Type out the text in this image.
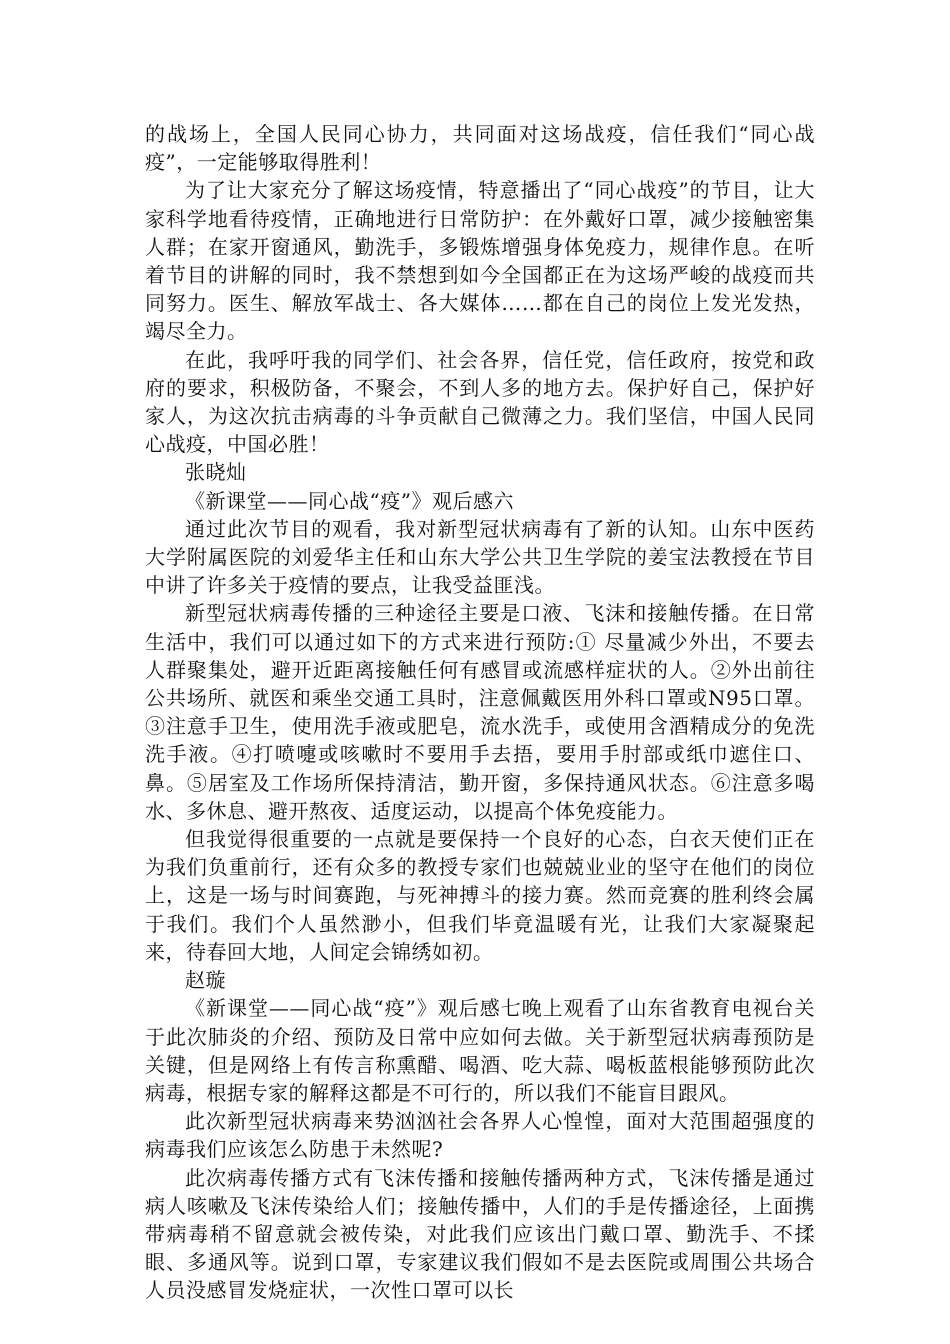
的战场上，全国人民同心协力，共同面对这场战疫，信任我们“同心战疫”，一定能够取得胜利！

为了让大家充分了解这场疫情，特意播出了“同心战疫”的节目，让大家科学地看待疫情，正确地进行日常防护：在外戴好口罩，减少接触密集人群；在家开窗通风，勤洗手，多锻炼增强身体免疫力，规律作息。在听着节目的讲解的同时，我不禁想到如今全国都正在为这场严峻的战疫而共同努力。医生、解放军战士、各大媒体……都在自己的岗位上发光发热，竭尽全力。

在此，我呼吁我的同学们、社会各界，信任党，信任政府，按党和政府的要求，积极防备，不聚会，不到人多的地方去。保护好自己，保护好家人，为这次抗击病毒的斗争贡献自己微薄之力。我们坚信，中国人民同心战疫，中国必胜！

张晓灿

《新课堂——同心战“疫”》观后感六

通过此次节目的观看，我对新型冠状病毒有了新的认知。山东中医药大学附属医院的刘爱华主任和山东大学公共卫生学院的姜宝法教授在节目中讲了许多关于疫情的要点，让我受益匪浅。

新型冠状病毒传播的三种途径主要是口液、飞沫和接触传播。在日常生活中，我们可以通过如下的方式来进行预防:① 尽量减少外出，不要去人群聚集处，避开近距离接触任何有感冒或流感样症状的人。②外出前往公共场所、就医和乘坐交通工具时，注意佩戴医用外科口罩或N95口罩。③注意手卫生，使用洗手液或肥皂，流水洗手，或使用含酒精成分的免洗洗手液。④打喷嚏或咳嗽时不要用手去捂，要用手肘部或纸巾遮住口、鼻。⑤居室及工作场所保持清洁，勤开窗，多保持通风状态。⑥注意多喝水、多休息、避开熬夜、适度运动，以提高个体免疫能力。

但我觉得很重要的一点就是要保持一个良好的心态，白衣天使们正在为我们负重前行，还有众多的教授专家们也兢兢业业的坚守在他们的岗位上，这是一场与时间赛跑，与死神搏斗的接力赛。然而竞赛的胜利终会属于我们。我们个人虽然渺小，但我们毕竟温暖有光，让我们大家凝聚起来，待春回大地，人间定会锦绣如初。

赵璇

《新课堂——同心战“疫”》观后感七晚上观看了山东省教育电视台关于此次肺炎的介绍、预防及日常中应如何去做。关于新型冠状病毒预防是关键，但是网络上有传言称熏醋、喝酒、吃大蒜、喝板蓝根能够预防此次病毒，根据专家的解释这都是不可行的，所以我们不能盲目跟风。

此次新型冠状病毒来势汹汹社会各界人心惶惶，面对大范围超强度的病毒我们应该怎么防患于未然呢?

此次病毒传播方式有飞沫传播和接触传播两种方式，飞沫传播是通过病人咳嗽及飞沫传染给人们；接触传播中，人们的手是传播途径，上面携带病毒稍不留意就会被传染，对此我们应该出门戴口罩、勤洗手、不揉眼、多通风等。说到口罩，专家建议我们假如不是去医院或周围公共场合人员没感冒发烧症状，一次性口罩可以长
